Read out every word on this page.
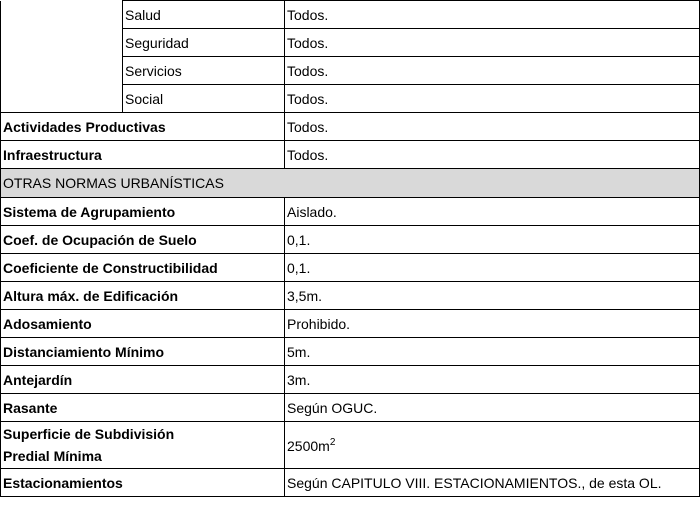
	Salud	Todos.
	Seguridad	Todos.
	Servicios	Todos.
	Social	Todos.
Actividades Productivas		Todos.
Infraestructura		Todos.
OTRAS NORMAS URBANÍSTICAS		
Sistema de Agrupamiento		Aislado.
Coef. de Ocupación de Suelo		0,1.
Coeficiente de Constructibilidad		0,1.
Altura máx. de Edificación		3,5m.
Adosamiento		Prohibido.
Distanciamiento Mínimo		5m.
Antejardín		3m.
Rasante		Según OGUC.
Superficie de Subdivisión
Predial Mínima		$2500m^2$
Estacionamientos		Según CAPITULO VIII. ESTACIONAMIENTOS., de esta OL.
